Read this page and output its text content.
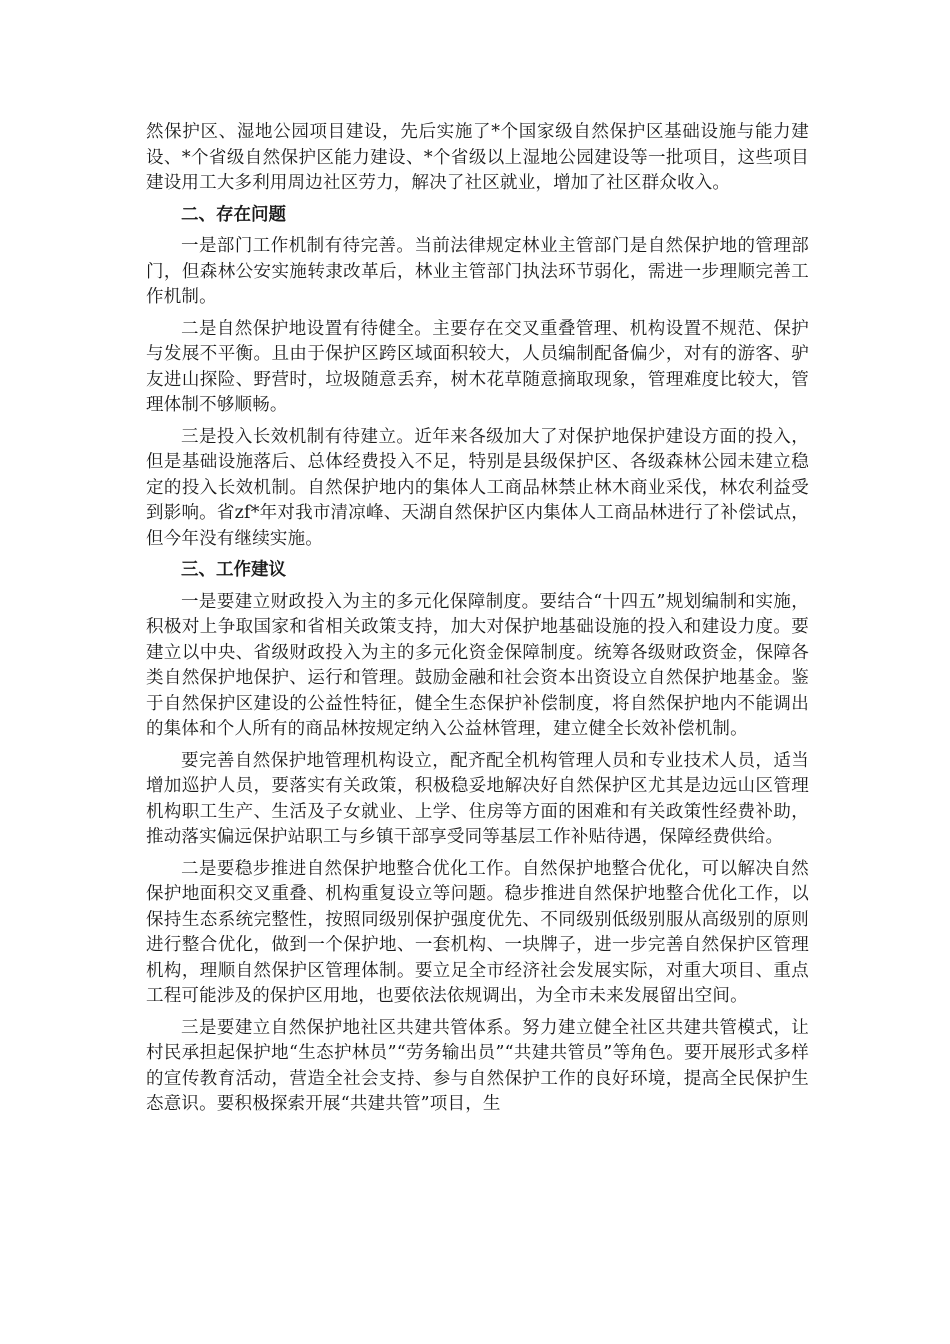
然保护区、湿地公园项目建设，先后实施了*个国家级自然保护区基础设施与能力建设、*个省级自然保护区能力建设、*个省级以上湿地公园建设等一批项目，这些项目建设用工大多利用周边社区劳力，解决了社区就业，增加了社区群众收入。

二、存在问题

一是部门工作机制有待完善。当前法律规定林业主管部门是自然保护地的管理部门，但森林公安实施转隶改革后，林业主管部门执法环节弱化，需进一步理顺完善工作机制。

二是自然保护地设置有待健全。主要存在交叉重叠管理、机构设置不规范、保护与发展不平衡。且由于保护区跨区域面积较大，人员编制配备偏少，对有的游客、驴友进山探险、野营时，垃圾随意丢弃，树木花草随意摘取现象，管理难度比较大，管理体制不够顺畅。

三是投入长效机制有待建立。近年来各级加大了对保护地保护建设方面的投入，但是基础设施落后、总体经费投入不足，特别是县级保护区、各级森林公园未建立稳定的投入长效机制。自然保护地内的集体人工商品林禁止林木商业采伐，林农利益受到影响。省zf*年对我市清凉峰、天湖自然保护区内集体人工商品林进行了补偿试点，但今年没有继续实施。

三、工作建议

一是要建立财政投入为主的多元化保障制度。要结合“十四五”规划编制和实施，积极对上争取国家和省相关政策支持，加大对保护地基础设施的投入和建设力度。要建立以中央、省级财政投入为主的多元化资金保障制度。统筹各级财政资金，保障各类自然保护地保护、运行和管理。鼓励金融和社会资本出资设立自然保护地基金。鉴于自然保护区建设的公益性特征，健全生态保护补偿制度，将自然保护地内不能调出的集体和个人所有的商品林按规定纳入公益林管理，建立健全长效补偿机制。

要完善自然保护地管理机构设立，配齐配全机构管理人员和专业技术人员，适当增加巡护人员，要落实有关政策，积极稳妥地解决好自然保护区尤其是边远山区管理机构职工生产、生活及子女就业、上学、住房等方面的困难和有关政策性经费补助，推动落实偏远保护站职工与乡镇干部享受同等基层工作补贴待遇，保障经费供给。

二是要稳步推进自然保护地整合优化工作。自然保护地整合优化，可以解决自然保护地面积交叉重叠、机构重复设立等问题。稳步推进自然保护地整合优化工作，以保持生态系统完整性，按照同级别保护强度优先、不同级别低级别服从高级别的原则进行整合优化，做到一个保护地、一套机构、一块牌子，进一步完善自然保护区管理机构，理顺自然保护区管理体制。要立足全市经济社会发展实际，对重大项目、重点工程可能涉及的保护区用地，也要依法依规调出，为全市未来发展留出空间。

三是要建立自然保护地社区共建共管体系。努力建立健全社区共建共管模式，让村民承担起保护地“生态护林员”“劳务输出员”“共建共管员”等角色。要开展形式多样的宣传教育活动，营造全社会支持、参与自然保护工作的良好环境，提高全民保护生态意识。要积极探索开展“共建共管”项目，生
